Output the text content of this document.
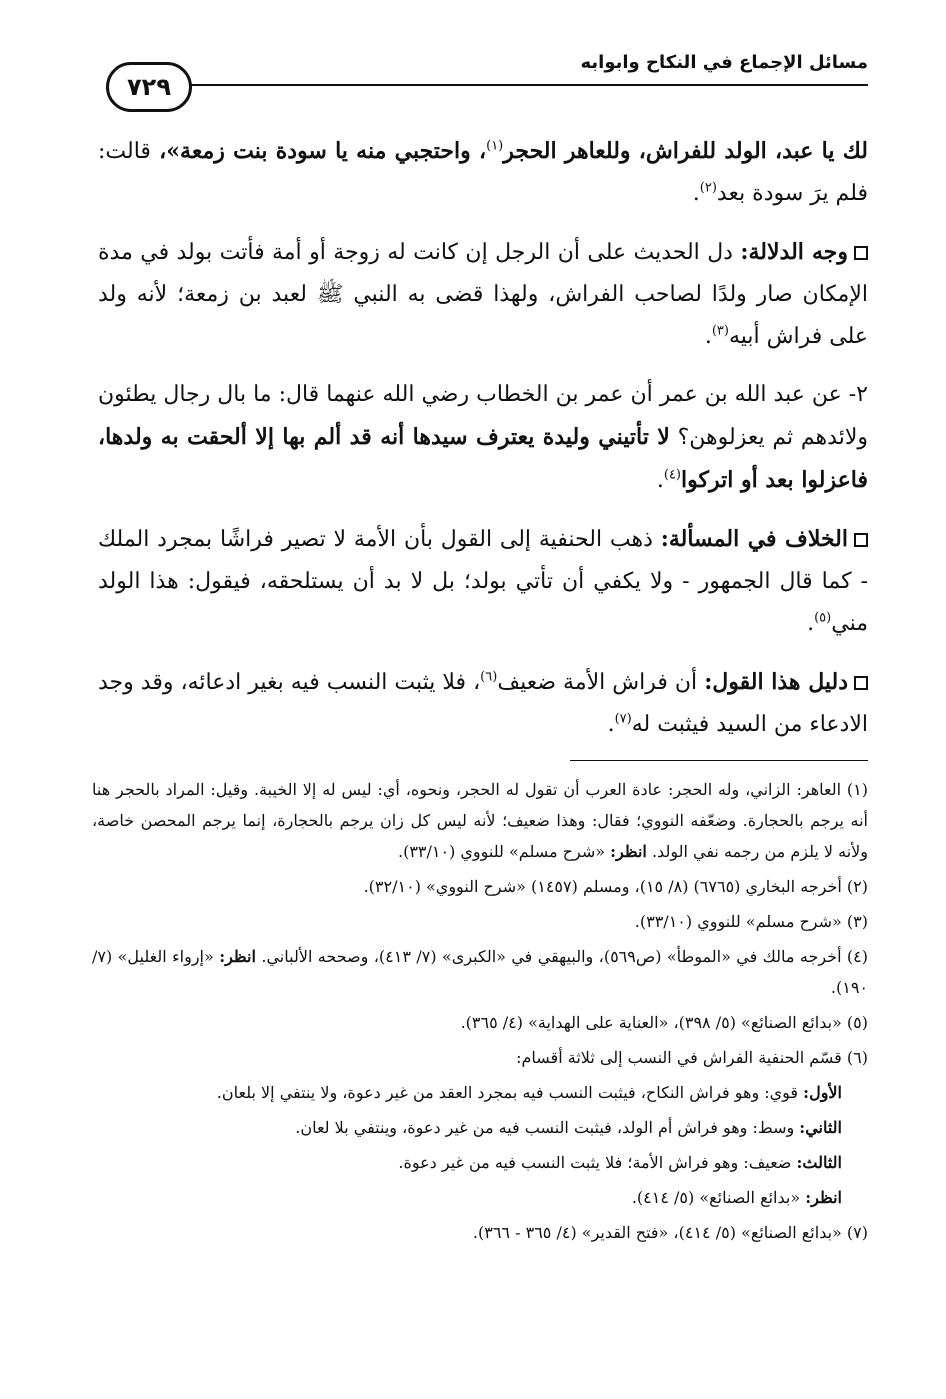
مسائل الإجماع في النكاح وابوابه
٧٢٩

لك يا عبد، الولد للفراش، وللعاهر الحجر$^{(١)}$، واحتجبي منه يا سودة بنت زمعة»، قالت: فلم يرَ سودة بعد$^{(٢)}$.

وجه الدلالة: دل الحديث على أن الرجل إن كانت له زوجة أو أمة فأتت بولد في مدة الإمكان صار ولدًا لصاحب الفراش، ولهذا قضى به النبي ﷺ لعبد بن زمعة؛ لأنه ولد على فراش أبيه$^{(٣)}$.

٢- عن عبد الله بن عمر أن عمر بن الخطاب رضي الله عنهما قال: ما بال رجال يطئون ولائدهم ثم يعزلوهن؟ لا تأتيني وليدة يعترف سيدها أنه قد ألم بها إلا ألحقت به ولدها، فاعزلوا بعد أو اتركوا$^{(٤)}$.

الخلاف في المسألة: ذهب الحنفية إلى القول بأن الأمة لا تصير فراشًا بمجرد الملك - كما قال الجمهور - ولا يكفي أن تأتي بولد؛ بل لا بد أن يستلحقه، فيقول: هذا الولد مني$^{(٥)}$.

دليل هذا القول: أن فراش الأمة ضعيف$^{(٦)}$، فلا يثبت النسب فيه بغير ادعائه، وقد وجد الادعاء من السيد فيثبت له$^{(٧)}$.

(١) العاهر: الزاني، وله الحجر: عادة العرب أن تقول له الحجر، ونحوه، أي: ليس له إلا الخيبة. وقيل: المراد بالحجر هنا أنه يرجم بالحجارة. وضعّفه النووي؛ فقال: وهذا ضعيف؛ لأنه ليس كل زان يرجم بالحجارة، إنما يرجم المحصن خاصة، ولأنه لا يلزم من رجمه نفي الولد. انظر: «شرح مسلم» للنووي (٣٣/١٠).

(٢) أخرجه البخاري (٦٧٦٥) (٨/ ١٥)، ومسلم (١٤٥٧) «شرح النووي» (٣٢/١٠).

(٣) «شرح مسلم» للنووي (٣٣/١٠).

(٤) أخرجه مالك في «الموطأ» (ص٥٦٩)، والبيهقي في «الكبرى» (٧/ ٤١٣)، وصححه الألباني. انظر: «إرواء الغليل» (٧/ ١٩٠).

(٥) «بدائع الصنائع» (٥/ ٣٩٨)، «العناية على الهداية» (٤/ ٣٦٥).

(٦) قسّم الحنفية الفراش في النسب إلى ثلاثة أقسام:

الأول: قوي: وهو فراش النكاح، فيثبت النسب فيه بمجرد العقد من غير دعوة، ولا ينتفي إلا بلعان.

الثاني: وسط: وهو فراش أم الولد، فيثبت النسب فيه من غير دعوة، وينتفي بلا لعان.

الثالث: ضعيف: وهو فراش الأمة؛ فلا يثبت النسب فيه من غير دعوة.

انظر: «بدائع الصنائع» (٥/ ٤١٤).

(٧) «بدائع الصنائع» (٥/ ٤١٤)، «فتح القدير» (٤/ ٣٦٥ - ٣٦٦).
